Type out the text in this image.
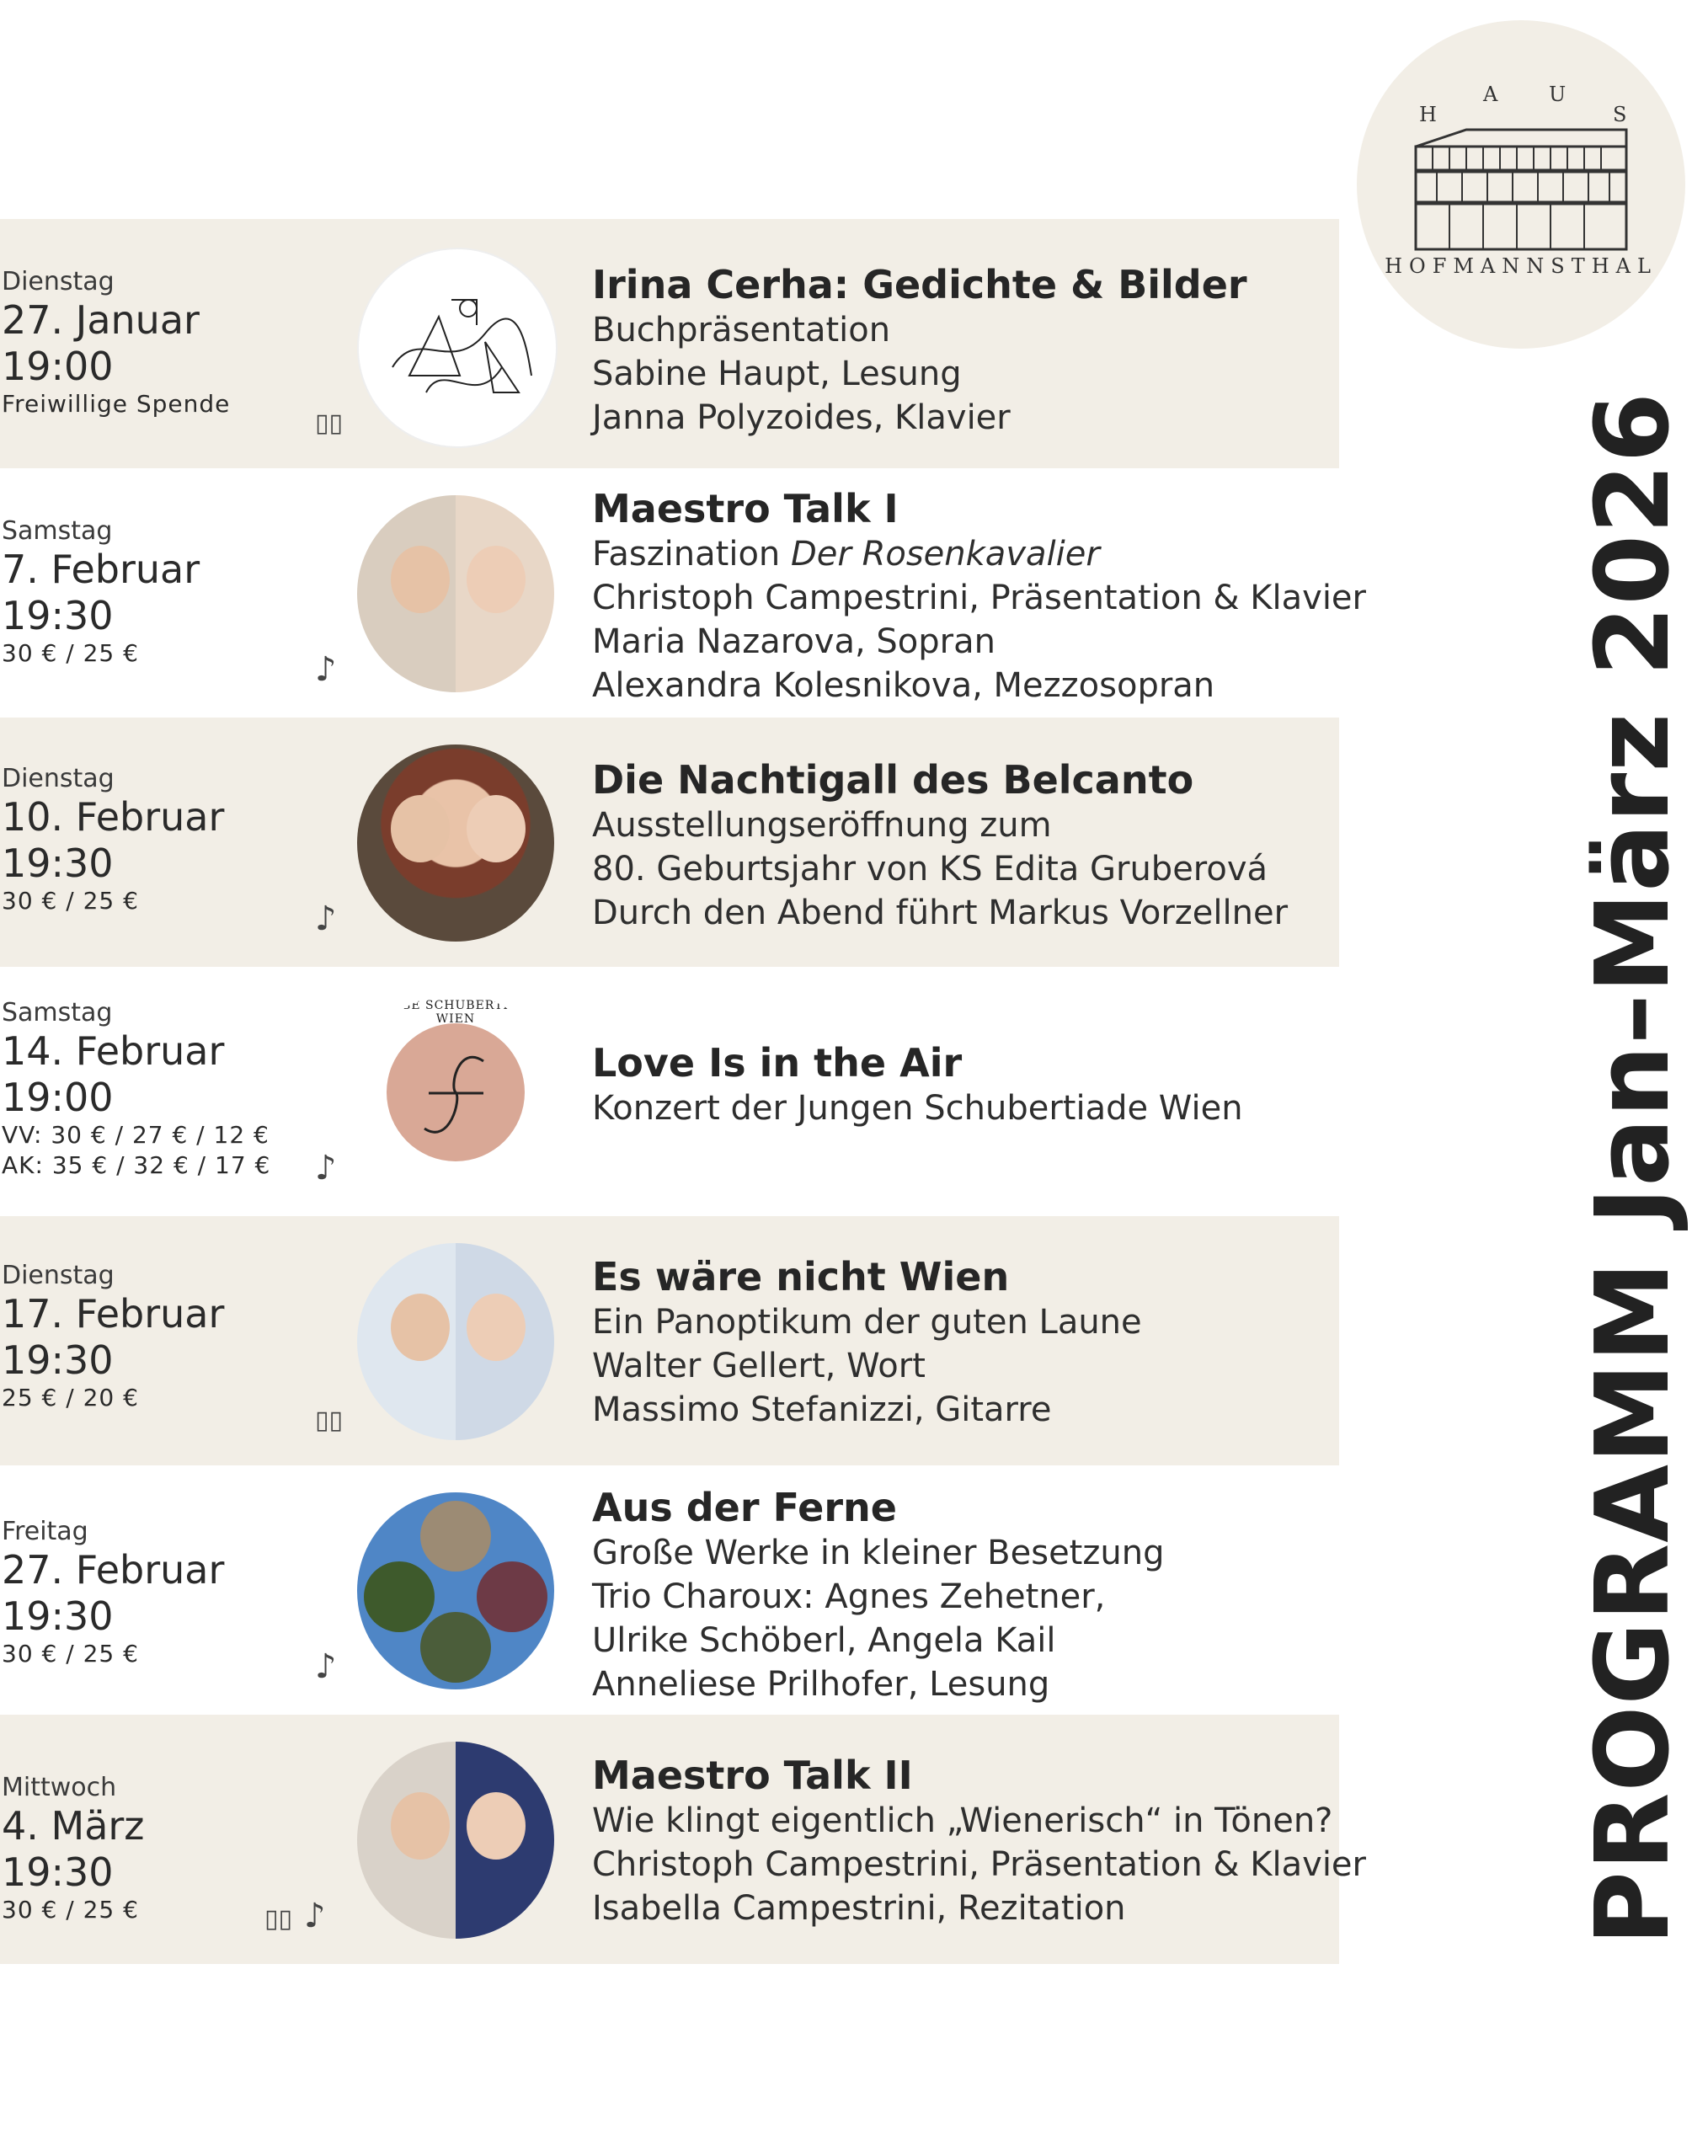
H
A	U
S
HOFMANNSTHAL
PROGRAMM Jan–März 2026
Dienstag
27. Januar
19:00
Freiwillige Spende
▯▯
Irina Cerha: Gedichte & Bilder
Buchpräsentation
Sabine Haupt, Lesung
Janna Polyzoides, Klavier
Samstag
7. Februar
19:30
30 € / 25 €	♪
Maestro Talk I
Faszination Der Rosenkavalier
Christoph Campestrini, Präsentation & Klavier
Maria Nazarova, Sopran
Alexandra Kolesnikova, Mezzosopran
Dienstag
10. Februar
19:30
30 € / 25 €	♪
Die Nachtigall des Belcanto
Ausstellungseröffnung zum
80. Geburtsjahr von KS Edita Gruberová
Durch den Abend führt Markus Vorzellner
Samstag
14. Februar
19:00
VV: 30 € / 27 € / 12 €
AK: 35 € / 32 € / 17 €	♪
JUNGE SCHUBERTIADE WIEN
Love Is in the Air
Konzert der Jungen Schubertiade Wien
Dienstag
17. Februar
19:30
25 € / 20 €
▯▯
Es wäre nicht Wien
Ein Panoptikum der guten Laune
Walter Gellert, Wort
Massimo Stefanizzi, Gitarre
Freitag
27. Februar
19:30
30 € / 25 €	♪
Aus der Ferne
Große Werke in kleiner Besetzung
Trio Charoux: Agnes Zehetner,
Ulrike Schöberl, Angela Kail
Anneliese Prilhofer, Lesung
Mittwoch
4. März
19:30
30 € / 25 €	▯▯ ♪
Maestro Talk II
Wie klingt eigentlich „Wienerisch“ in Tönen?
Christoph Campestrini, Präsentation & Klavier
Isabella Campestrini, Rezitation
